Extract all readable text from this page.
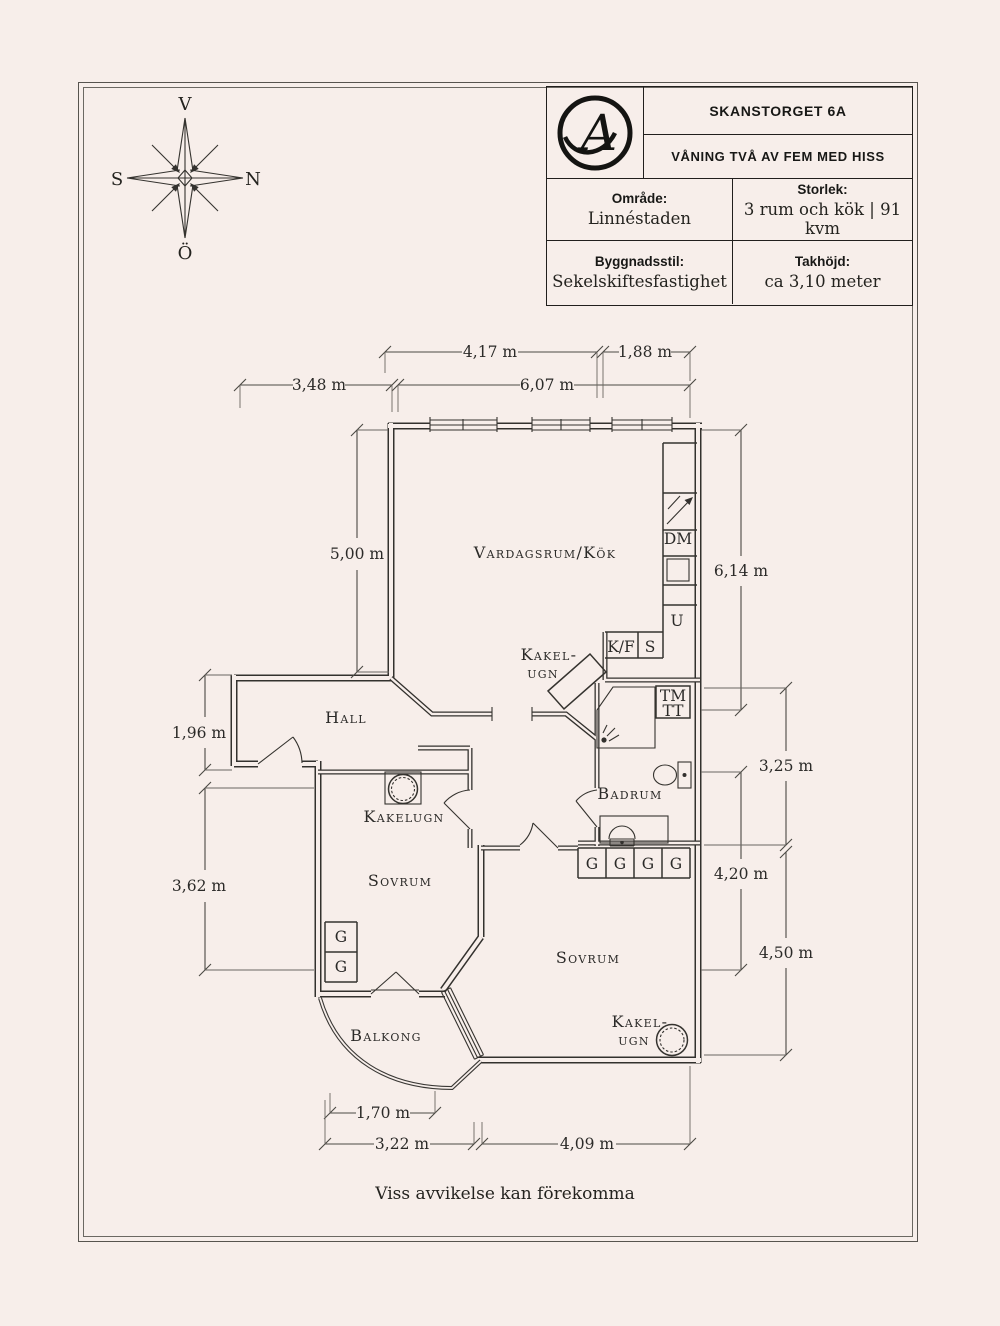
A	SKANSTORGET 6A
VÅNING TVÅ AV FEM MED HISS
Område:
Linnéstaden
Storlek:
3 rum och kök | 91 kvm
Byggnadsstil:
Sekelskiftesfastighet
Takhöjd:
ca 3,10 meter
V
N
Ö
S
DM
U
K/F S
TM
TT
G G G G
G
G
Vardagsrum/Kök
Hall
Kakelugn
Sovrum
Badrum
Sovrum
Balkong
Kakel-
ugn
Kakel-
ugn
4,17 m	1,88 m
3,48 m	6,07 m
5,00 m
1,96 m
3,62 m
6,14 m
4,20 m
3,25 m
4,50 m
1,70 m
3,22 m	4,09 m
Viss avvikelse kan förekomma
